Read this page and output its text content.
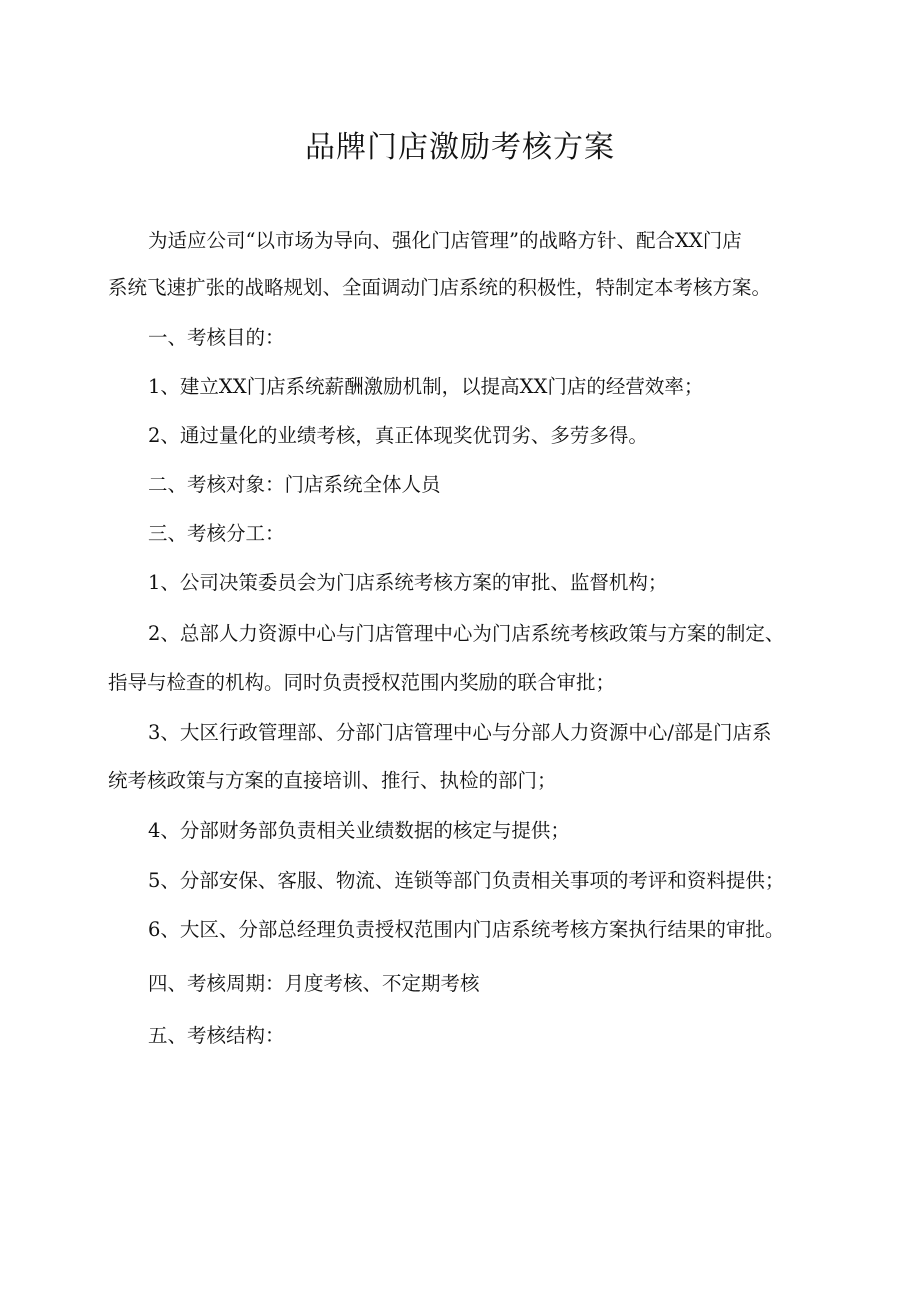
品牌门店激励考核方案

为适应公司“以市场为导向、强化门店管理”的战略方针、配合XX门店

系统飞速扩张的战略规划、全面调动门店系统的积极性，特制定本考核方案。

一、考核目的：

1、建立XX门店系统薪酬激励机制，以提高XX门店的经营效率；

2、通过量化的业绩考核，真正体现奖优罚劣、多劳多得。

二、考核对象：门店系统全体人员

三、考核分工：

1、公司决策委员会为门店系统考核方案的审批、监督机构；

2、总部人力资源中心与门店管理中心为门店系统考核政策与方案的制定、

指导与检查的机构。同时负责授权范围内奖励的联合审批；

3、大区行政管理部、分部门店管理中心与分部人力资源中心/部是门店系

统考核政策与方案的直接培训、推行、执检的部门；

4、分部财务部负责相关业绩数据的核定与提供；

5、分部安保、客服、物流、连锁等部门负责相关事项的考评和资料提供；

6、大区、分部总经理负责授权范围内门店系统考核方案执行结果的审批。

四、考核周期：月度考核、不定期考核

五、考核结构：
